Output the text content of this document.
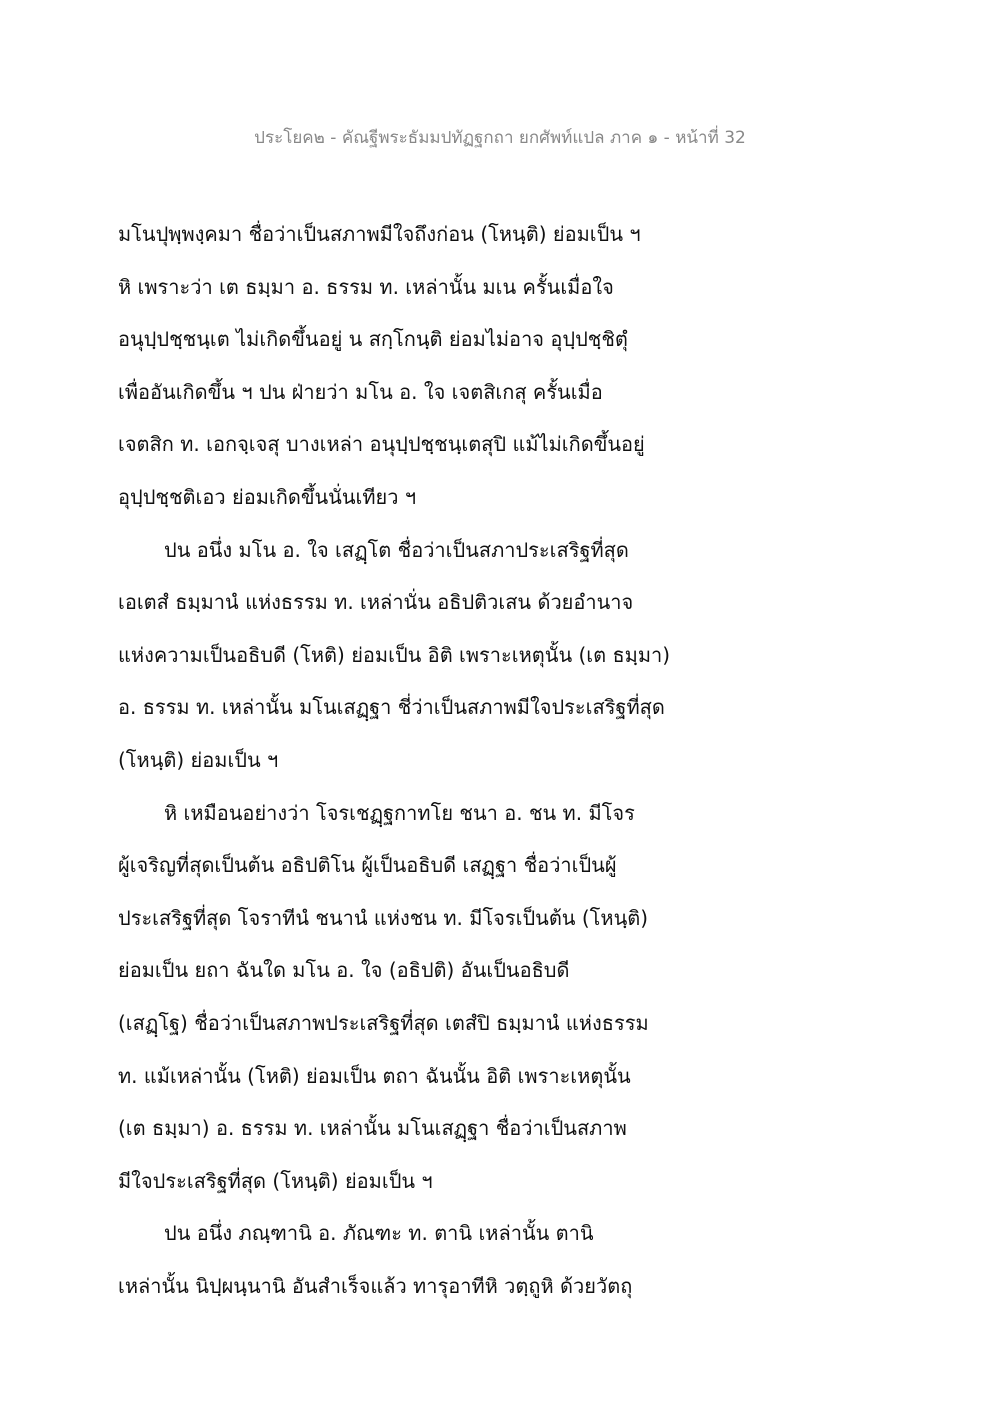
ประโยค๒ - คัณฐีพระธัมมปทัฏฐกถา ยกศัพท์แปล ภาค ๑ - หน้าที่ 32
มโนปุพฺพงฺคมา ชื่อว่าเป็นสภาพมีใจถึงก่อน (โหนฺติ) ย่อมเป็น ฯ
หิ เพราะว่า เต ธมฺมา อ. ธรรม ท. เหล่านั้น มเน ครั้นเมื่อใจ
อนุปฺปชฺชนฺเต ไม่เกิดขึ้นอยู่ น สกฺโกนฺติ ย่อมไม่อาจ อุปฺปชฺชิตุํ
เพื่ออันเกิดขึ้น ฯ ปน ฝ่ายว่า มโน อ. ใจ เจตสิเกสุ ครั้นเมื่อ
เจตสิก ท. เอกจฺเจสุ บางเหล่า อนุปฺปชฺชนฺเตสุปิ แม้ไม่เกิดขึ้นอยู่
อุปฺปชฺชติเอว ย่อมเกิดขึ้นนั่นเทียว ฯ
ปน อนึ่ง มโน อ. ใจ เสฏฺโต ชื่อว่าเป็นสภาประเสริฐที่สุด
เอเตสํ ธมฺมานํ แห่งธรรม ท. เหล่านั่น อธิปติวเสน ด้วยอำนาจ
แห่งความเป็นอธิบดี (โหติ) ย่อมเป็น อิติ เพราะเหตุนั้น (เต ธมฺมา)
อ. ธรรม ท. เหล่านั้น มโนเสฏฺฐา ชี่ว่าเป็นสภาพมีใจประเสริฐที่สุด
(โหนฺติ) ย่อมเป็น ฯ
หิ เหมือนอย่างว่า โจรเชฏฺฐกาทโย ชนา อ. ชน ท. มีโจร
ผู้เจริญที่สุดเป็นต้น อธิปติโน ผู้เป็นอธิบดี เสฏฺฐา ชื่อว่าเป็นผู้
ประเสริฐที่สุด โจราทีนํ ชนานํ แห่งชน ท. มีโจรเป็นต้น (โหนฺติ)
ย่อมเป็น ยถา ฉันใด มโน อ. ใจ (อธิปติ) อันเป็นอธิบดี
(เสฏฺโฐ) ชื่อว่าเป็นสภาพประเสริฐที่สุด เตสํปิ ธมฺมานํ แห่งธรรม
ท. แม้เหล่านั้น (โหติ) ย่อมเป็น ตถา ฉันนั้น อิติ เพราะเหตุนั้น
(เต ธมฺมา) อ. ธรรม ท. เหล่านั้น มโนเสฏฺฐา ชื่อว่าเป็นสภาพ
มีใจประเสริฐที่สุด (โหนฺติ) ย่อมเป็น ฯ
ปน อนึ่ง ภณฺฑานิ อ. ภัณฑะ ท. ตานิ เหล่านั้น ตานิ
เหล่านั้น นิปฺผนฺนานิ อันสำเร็จแล้ว ทารุอาทีหิ วตฺถูหิ ด้วยวัตถุ
